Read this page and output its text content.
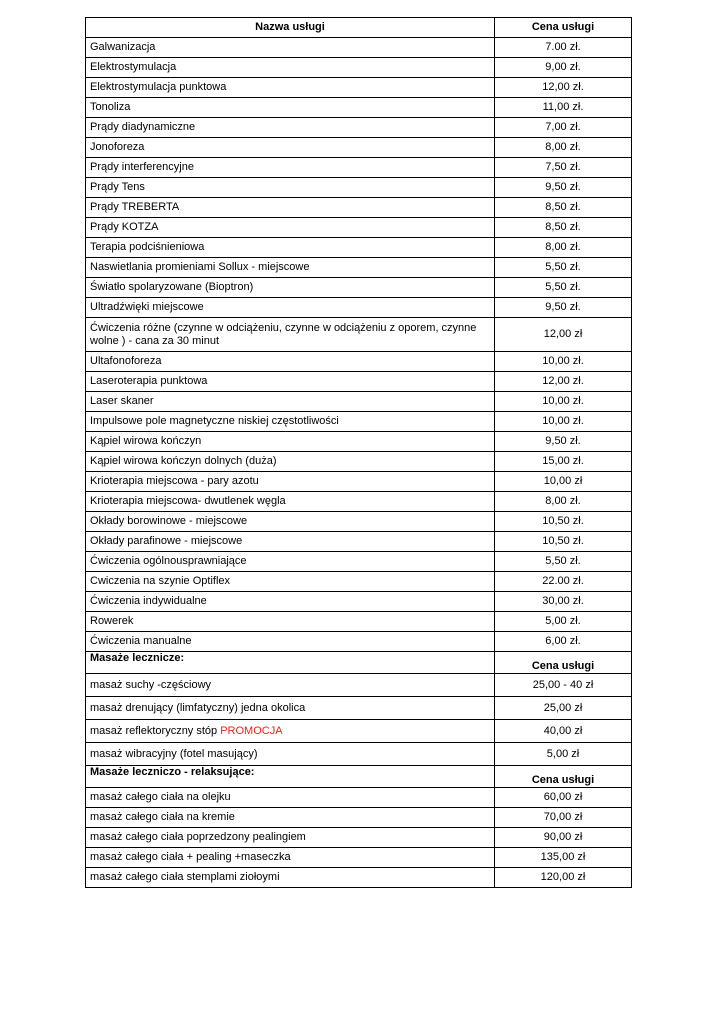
Nazwa usługi	Cena usługi
Galwanizacja	7.00 zł.
Elektrostymulacja	9,00 zł.
Elektrostymulacja punktowa	12,00 zł.
Tonoliza	11,00 zł.
Prądy diadynamiczne	7,00 zł.
Jonoforeza	8,00 zł.
Prądy interferencyjne	7,50 zł.
Prądy Tens	9,50 zł.
Prądy TREBERTA	8,50 zł.
Prądy KOTZA	8,50 zł.
Terapia podciśnieniowa	8,00 zł.
Naswietlania promieniami Sollux - miejscowe	5,50 zł.
Światło spolaryzowane (Bioptron)	5,50 zł.
Ultradźwięki miejscowe	9,50 zł.
Ćwiczenia różne (czynne w odciążeniu, czynne w odciążeniu z oporem, czynne wolne ) - cana za 30 minut	12,00 zł
Ultafonoforeza	10,00 zł.
Laseroterapia punktowa	12,00 zł.
Laser skaner	10,00 zł.
Impulsowe pole magnetyczne niskiej częstotliwości	10,00 zł.
Kąpiel wirowa kończyn	9,50 zł.
Kąpiel wirowa kończyn dolnych (duża)	15,00 zł.
Krioterapia miejscowa - pary azotu	10,00 zł
Krioterapia miejscowa- dwutlenek węgla	8,00 zł.
Okłady borowinowe - miejscowe	10,50 zł.
Okłady parafinowe - miejscowe	10,50 zł.
Ćwiczenia ogólnousprawniające	5,50 zł.
Cwiczenia na szynie Optiflex	22.00 zł.
Ćwiczenia indywidualne	30,00 zł.
Rowerek	5,00 zł.
Ćwiczenia manualne	6,00 zł.
Masaże lecznicze:	Cena usługi
masaż suchy -częściowy	25,00 - 40 zł
masaż drenujący (limfatyczny) jedna okolica	25,00 zł
masaż reflektoryczny stóp PROMOCJA	40,00 zł
masaż wibracyjny (fotel masujący)	5,00 zł
Masaże leczniczo - relaksujące:	Cena usługi
masaż całego ciała na olejku	60,00 zł
masaż całego ciała na kremie	70,00 zł
masaż całego ciała poprzedzony pealingiem	90,00 zł
masaż całego ciała + pealing +maseczka	135,00 zł
masaż całego ciała stemplami ziołoymi	120,00 zł
